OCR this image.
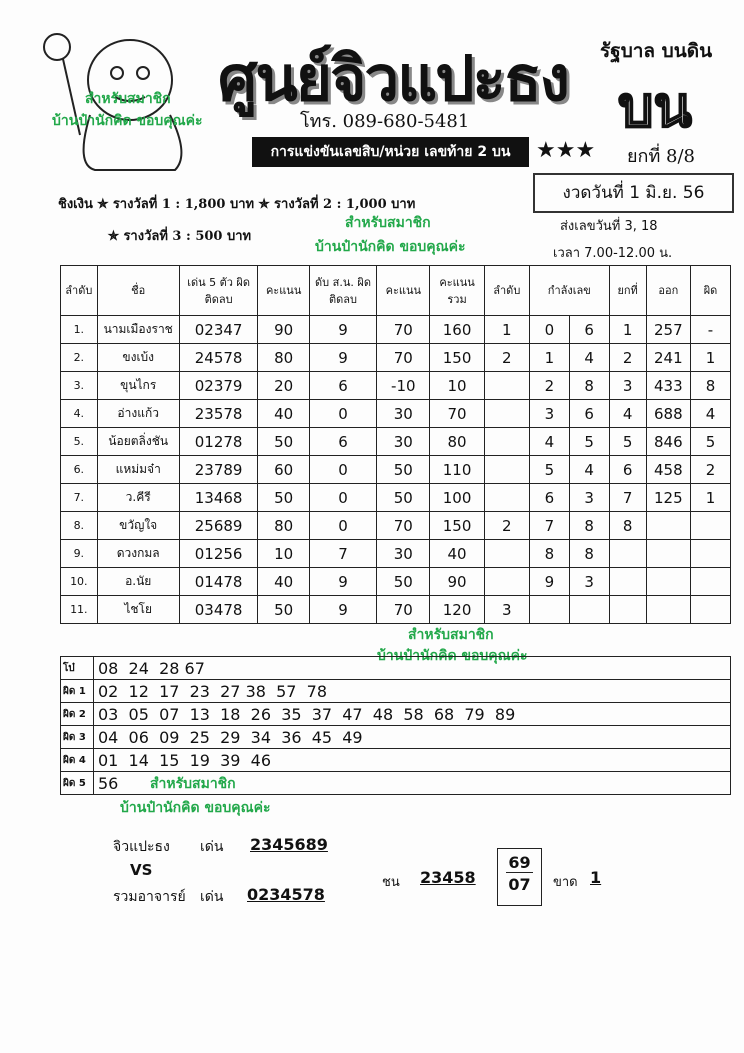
สำหรับสมาชิก
บ้านป๋านักคิด ขอบคุณค่ะ
ศูนย์จิวแปะธง
โทร. 089-680-5481
รัฐบาล บนดิน
บน
การแข่งขันเลขสิบ/หน่วย เลขท้าย 2 บน	★★★ ยกที่ 8/8
งวดวันที่ 1 มิ.ย. 56
ส่งเลขวันที่ 3, 18
เวลา 7.00-12.00 น.
ชิงเงิน ✯ รางวัลที่ 1 : 1,800 บาท ✯ รางวัลที่ 2 : 1,000 บาท
✯ รางวัลที่ 3 : 500 บาท
สำหรับสมาชิก
บ้านป๋านักคิด ขอบคุณค่ะ
ลำดับ	ชื่อ	เด่น 5 ตัว ผิดติดลบ	คะแนน	ดับ ส.น. ผิดติดลบ	คะแนน	คะแนน รวม	ลำดับ	กำลังเลข		ยกที่	ออก	ผิด
1.	นามเมืองราช	02347	90	9	70	160	1	0	6	1	257	-
2.	ขงเบ้ง	24578	80	9	70	150	2	1	4	2	241	1
3.	ขุนไกร	02379	20	6	-10	10		2	8	3	433	8
4.	อ่างแก้ว	23578	40	0	30	70		3	6	4	688	4
5.	น้อยตลิ่งชัน	01278	50	6	30	80		4	5	5	846	5
6.	แหม่มจ๋า	23789	60	0	50	110		5	4	6	458	2
7.	ว.คีรี	13468	50	0	50	100		6	3	7	125	1
8.	ขวัญใจ	25689	80	0	70	150	2	7	8	8		
9.	ดวงกมล	01256	10	7	30	40		8	8			
10.	อ.นัย	01478	40	9	50	90		9	3			
11.	ไชโย	03478	50	9	70	120	3					
สำหรับสมาชิก
บ้านป๋านักคิด ขอบคุณค่ะ
โบ๋	08  24  28 67
ผิด 1	02  12  17  23  27 38  57  78
ผิด 2	03  05  07  13  18  26  35  37  47  48  58  68  79  89
ผิด 3	04  06  09  25  29  34  36  45  49
ผิด 4	01  14  15  19  39  46
ผิด 5	56 สำหรับสมาชิก
บ้านป๋านักคิด ขอบคุณค่ะ
จิวแปะธง เด่น 2345689
VS
รวมอาจารย์ เด่น 0234578
ชน 23458
69
07	ขาด 1
